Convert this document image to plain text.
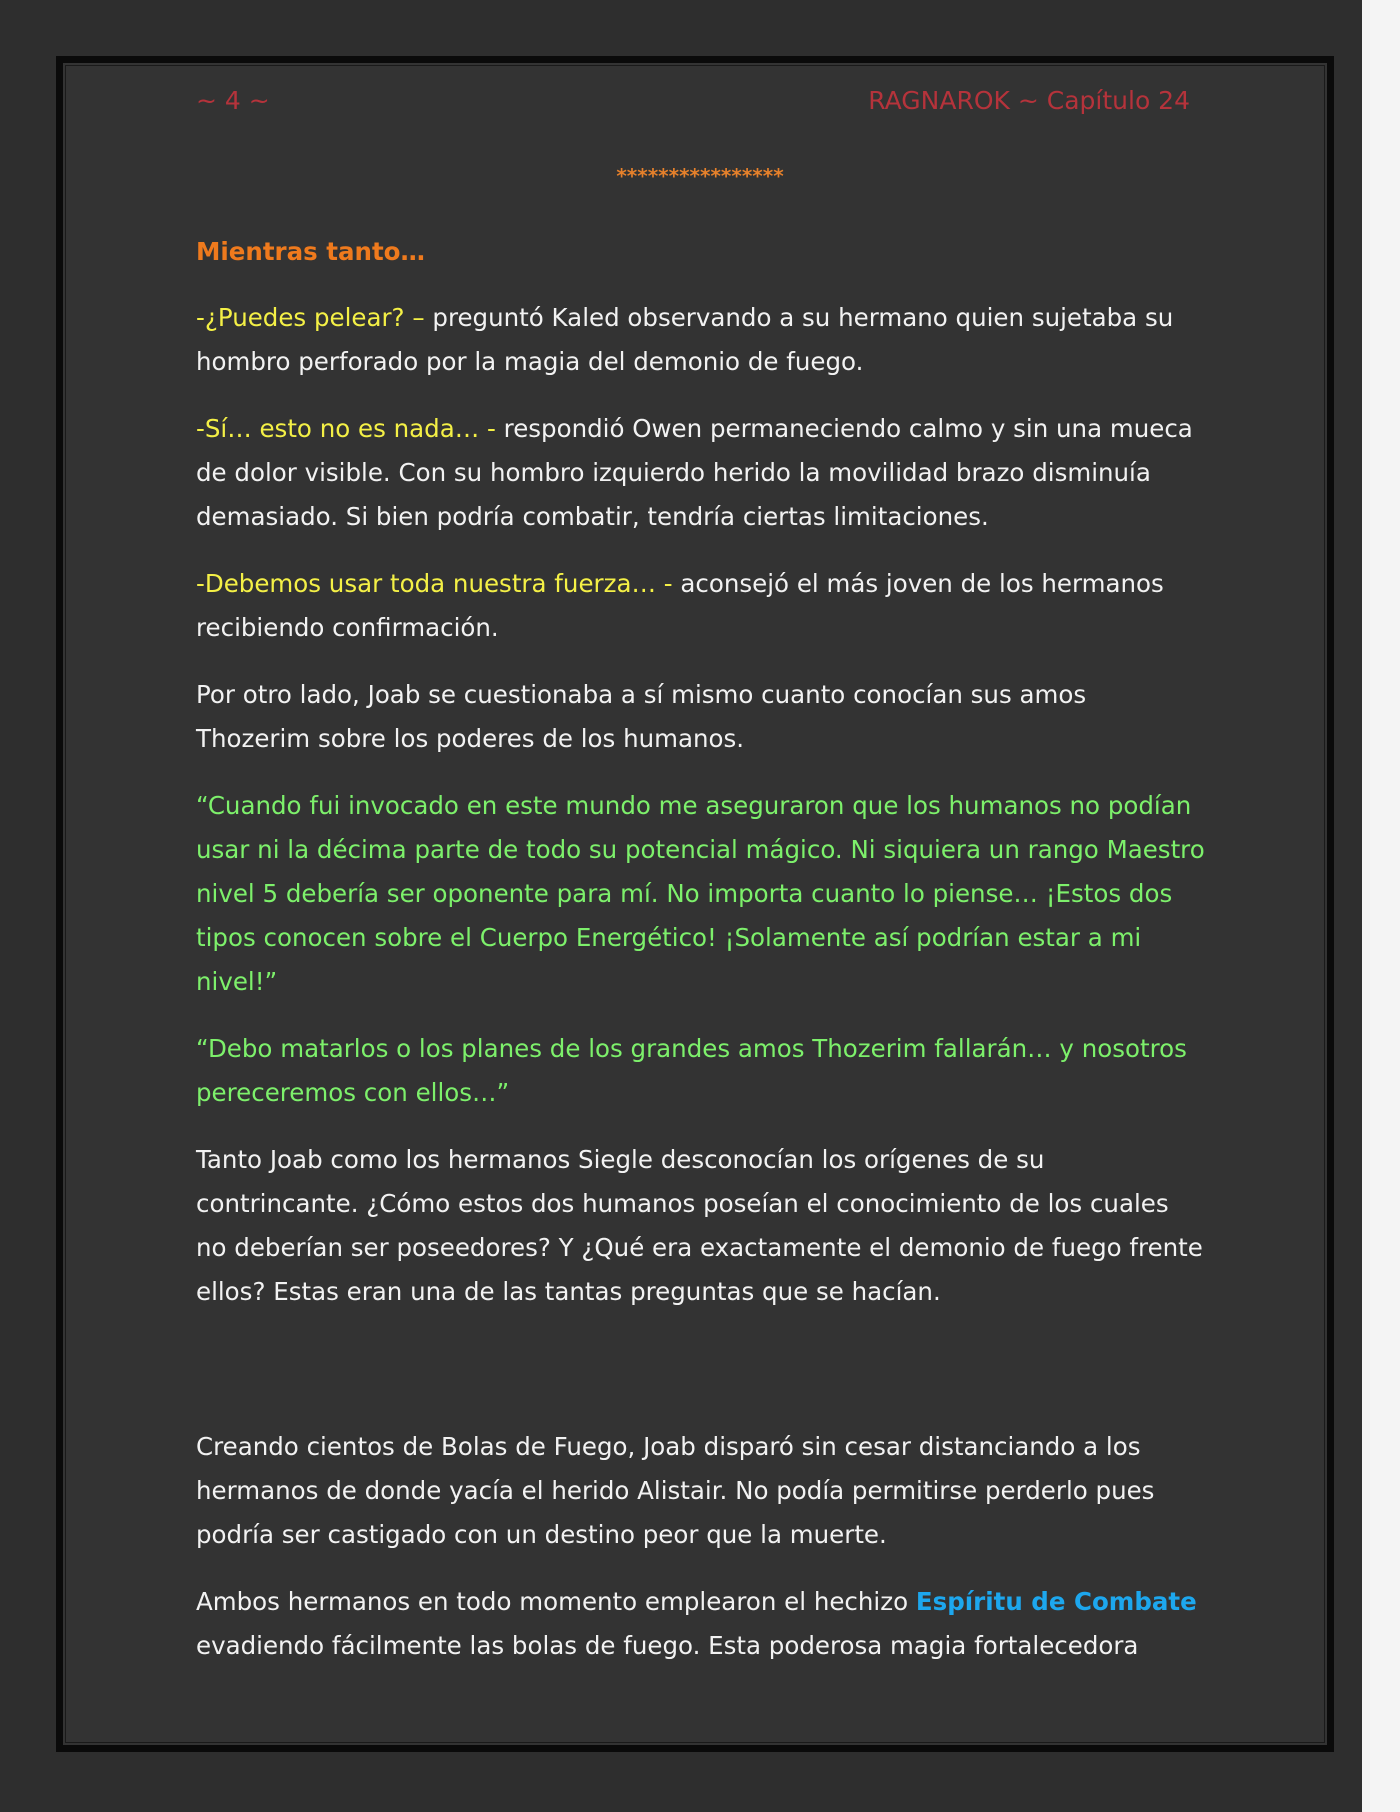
~ 4 ~	RAGNAROK ~ Capítulo 24
****************

Mientras tanto…

-¿Puedes pelear? – preguntó Kaled observando a su hermano quien sujetaba su hombro perforado por la magia del demonio de fuego.

-Sí… esto no es nada… - respondió Owen permaneciendo calmo y sin una mueca de dolor visible. Con su hombro izquierdo herido la movilidad brazo disminuía demasiado. Si bien podría combatir, tendría ciertas limitaciones.

-Debemos usar toda nuestra fuerza… - aconsejó el más joven de los hermanos recibiendo confirmación.

Por otro lado, Joab se cuestionaba a sí mismo cuanto conocían sus amos Thozerim sobre los poderes de los humanos.

“Cuando fui invocado en este mundo me aseguraron que los humanos no podían usar ni la décima parte de todo su potencial mágico. Ni siquiera un rango Maestro nivel 5 debería ser oponente para mí. No importa cuanto lo piense… ¡Estos dos tipos conocen sobre el Cuerpo Energético! ¡Solamente así podrían estar a mi nivel!”

“Debo matarlos o los planes de los grandes amos Thozerim fallarán… y nosotros pereceremos con ellos…”

Tanto Joab como los hermanos Siegle desconocían los orígenes de su contrincante. ¿Cómo estos dos humanos poseían el conocimiento de los cuales no deberían ser poseedores? Y ¿Qué era exactamente el demonio de fuego frente ellos? Estas eran una de las tantas preguntas que se hacían.

Creando cientos de Bolas de Fuego, Joab disparó sin cesar distanciando a los hermanos de donde yacía el herido Alistair. No podía permitirse perderlo pues podría ser castigado con un destino peor que la muerte.

Ambos hermanos en todo momento emplearon el hechizo Espíritu de Combate evadiendo fácilmente las bolas de fuego. Esta poderosa magia fortalecedora
